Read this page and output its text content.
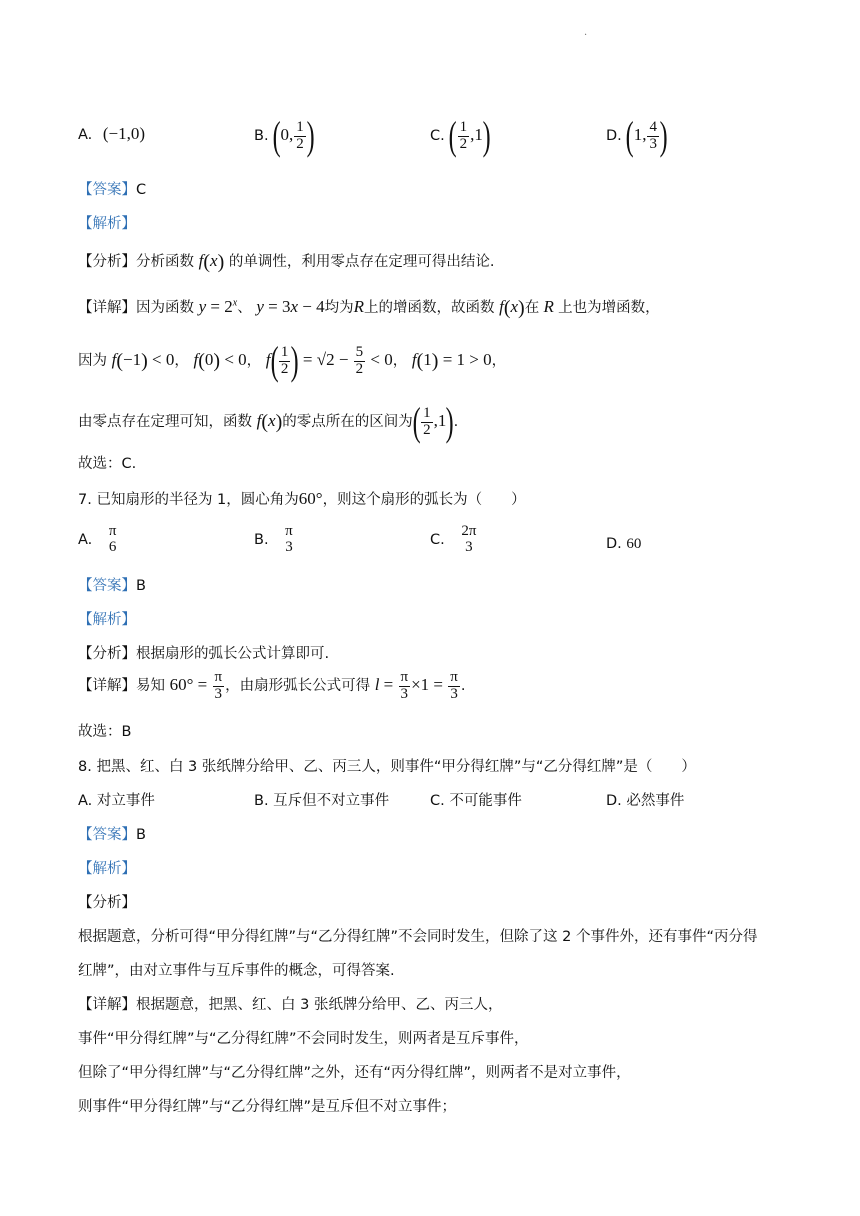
·
A. (−1,0)	B. (0, $\frac{1}{2}$ )	C. ( $\frac{1}{2} ,1$)	D. (1, $\frac{4}{3}$ )
【答案】C
【解析】
【分析】分析函数 f(x) 的单调性，利用零点存在定理可得出结论.
【详解】因为函数 $y = 2^x$、 y = 3x − 4均为R上的增函数，故函数 f(x)在 R 上也为增函数，
因为 f(−1) < 0， f(0) < 0， $f( \frac{1}{2}$ ) = $√2 - \frac{5}{2} < 0$， f(1) = 1 > 0，
由零点存在定理可知，函数 f(x)的零点所在的区间为( $\frac{1}{2} ,1$).
故选：C.
7. 已知扇形的半径为 1，圆心角为60°，则这个扇形的弧长为（　　）
A.
π
6	B.
π
3	C.
2π
3	D. 60
【答案】B
【解析】
【分析】根据扇形的弧长公式计算即可.
【详解】易知 $60^\circ = \frac{\pi}{3}$ ，由扇形弧长公式可得 $l = \frac{\pi}{3} \times 1 = \frac{\pi}{3}$ .
故选：B
8. 把黑、红、白 3 张纸牌分给甲、乙、丙三人，则事件“甲分得红牌”与“乙分得红牌”是（　　）
A. 对立事件	B. 互斥但不对立事件	C. 不可能事件	D. 必然事件
【答案】B
【解析】
【分析】
根据题意，分析可得“甲分得红牌”与“乙分得红牌”不会同时发生，但除了这 2 个事件外，还有事件“丙分得
红牌”，由对立事件与互斥事件的概念，可得答案.
【详解】根据题意，把黑、红、白 3 张纸牌分给甲、乙、丙三人，
事件“甲分得红牌”与“乙分得红牌”不会同时发生，则两者是互斥事件，
但除了“甲分得红牌”与“乙分得红牌”之外，还有“丙分得红牌”，则两者不是对立事件，
则事件“甲分得红牌”与“乙分得红牌”是互斥但不对立事件；
